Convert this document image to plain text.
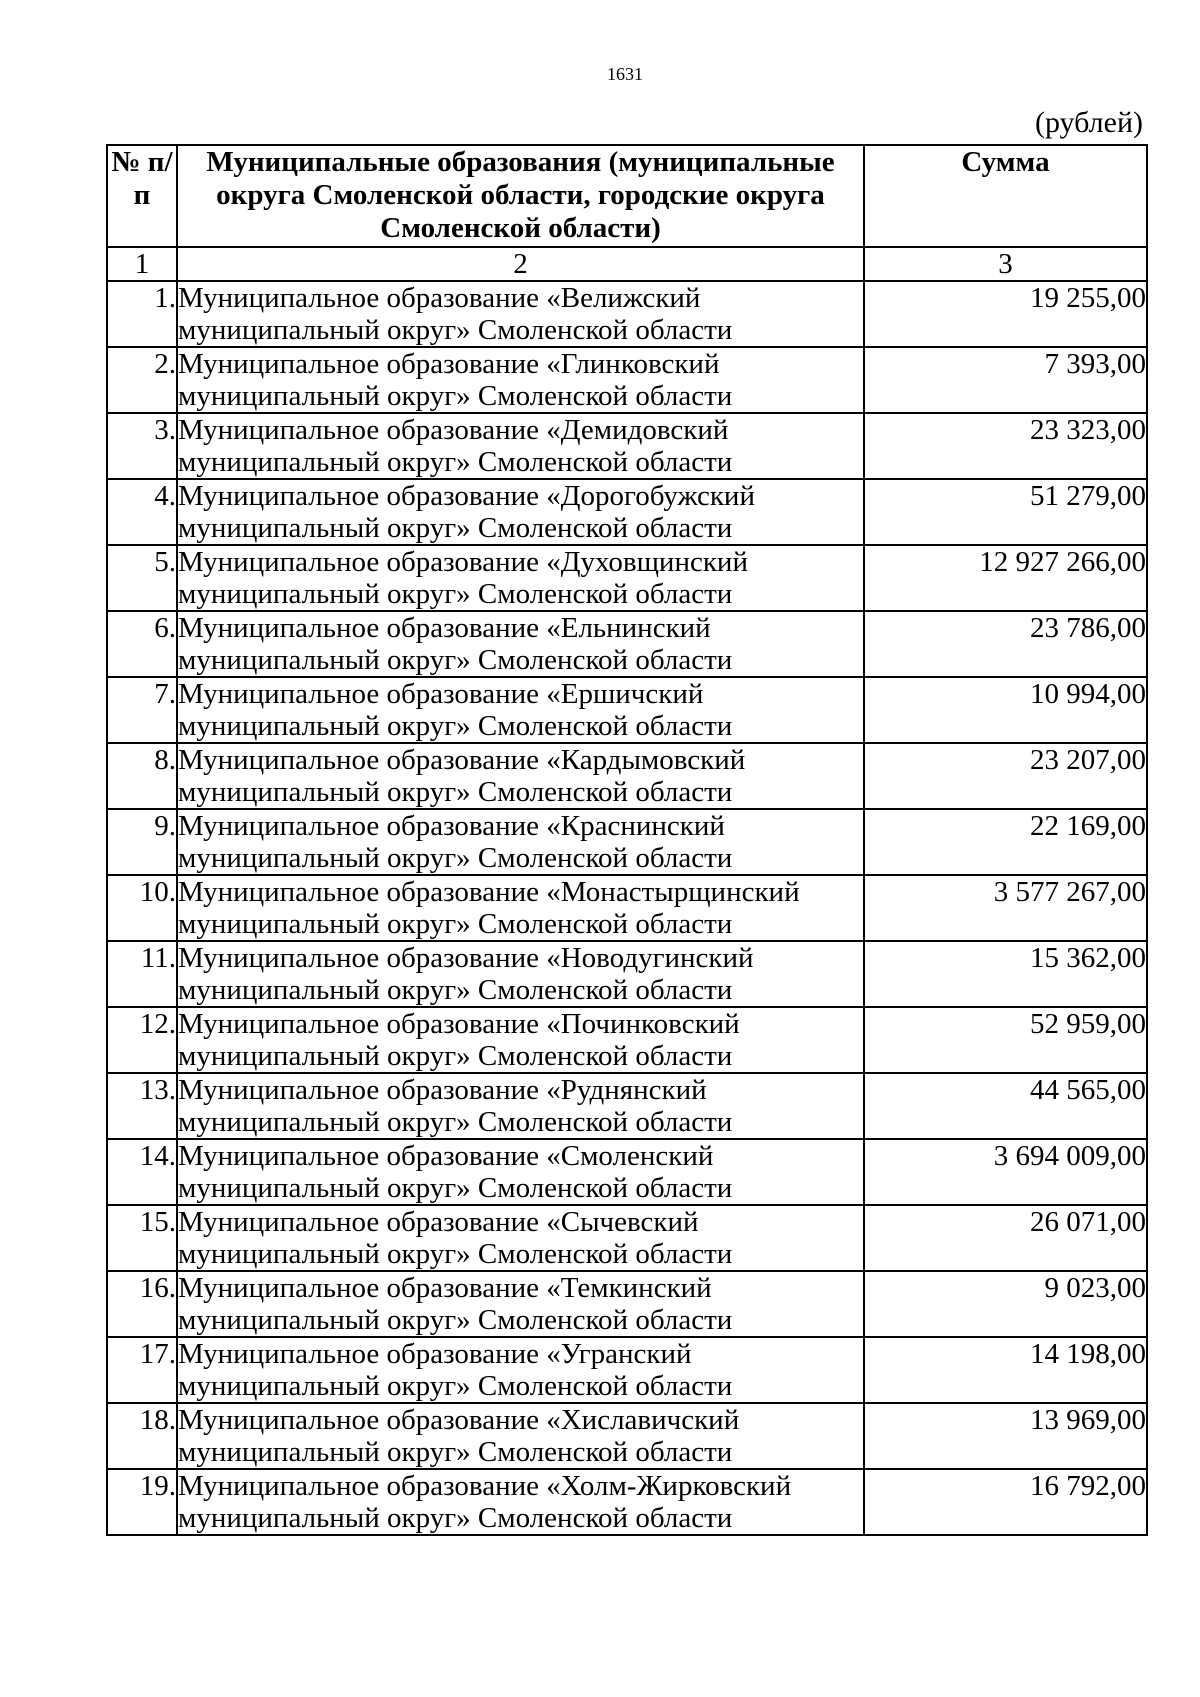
1631
(рублей)
№ п/п	Муниципальные образования (муниципальные округа Смоленской области, городские округа Смоленской области)	Сумма
1	2	3
1.	Муниципальное образование «Велижский муниципальный округ» Смоленской области	19 255,00
2.	Муниципальное образование «Глинковский муниципальный округ» Смоленской области	7 393,00
3.	Муниципальное образование «Демидовский муниципальный округ» Смоленской области	23 323,00
4.	Муниципальное образование «Дорогобужский муниципальный округ» Смоленской области	51 279,00
5.	Муниципальное образование «Духовщинский муниципальный округ» Смоленской области	12 927 266,00
6.	Муниципальное образование «Ельнинский муниципальный округ» Смоленской области	23 786,00
7.	Муниципальное образование «Ершичский муниципальный округ» Смоленской области	10 994,00
8.	Муниципальное образование «Кардымовский муниципальный округ» Смоленской области	23 207,00
9.	Муниципальное образование «Краснинский муниципальный округ» Смоленской области	22 169,00
10.	Муниципальное образование «Монастырщинский муниципальный округ» Смоленской области	3 577 267,00
11.	Муниципальное образование «Новодугинский муниципальный округ» Смоленской области	15 362,00
12.	Муниципальное образование «Починковский муниципальный округ» Смоленской области	52 959,00
13.	Муниципальное образование «Руднянский муниципальный округ» Смоленской области	44 565,00
14.	Муниципальное образование «Смоленский муниципальный округ» Смоленской области	3 694 009,00
15.	Муниципальное образование «Сычевский муниципальный округ» Смоленской области	26 071,00
16.	Муниципальное образование «Темкинский муниципальный округ» Смоленской области	9 023,00
17.	Муниципальное образование «Угранский муниципальный округ» Смоленской области	14 198,00
18.	Муниципальное образование «Хиславичский муниципальный округ» Смоленской области	13 969,00
19.	Муниципальное образование «Холм-Жирковский муниципальный округ» Смоленской области	16 792,00
